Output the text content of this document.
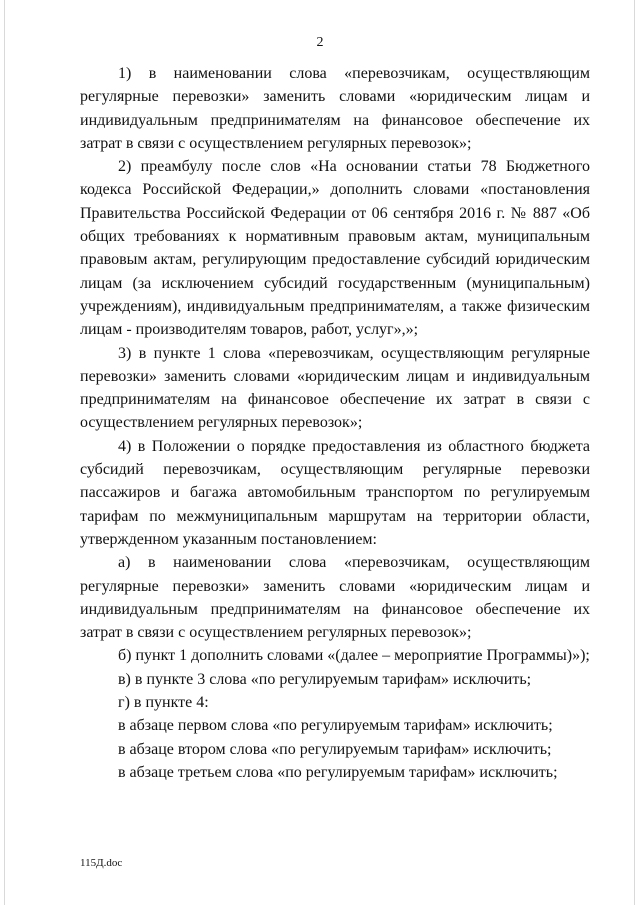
2

1) в наименовании слова «перевозчикам, осуществляющим регулярные перевозки» заменить словами «юридическим лицам и индивидуальным предпринимателям на финансовое обеспечение их затрат в связи с осуществлением регулярных перевозок»;

2) преамбулу после слов «На основании статьи 78 Бюджетного кодекса Российской Федерации,» дополнить словами «постановления Правительства Российской Федерации от 06 сентября 2016 г. № 887 «Об общих требованиях к нормативным правовым актам, муниципальным правовым актам, регулирующим предоставление субсидий юридическим лицам (за исключением субсидий государственным (муниципальным) учреждениям), индивидуальным предпринимателям, а также физическим лицам - производителям товаров, работ, услуг»,»;

3) в пункте 1 слова «перевозчикам, осуществляющим регулярные перевозки» заменить словами «юридическим лицам и индивидуальным предпринимателям на финансовое обеспечение их затрат в связи с осуществлением регулярных перевозок»;

4) в Положении о порядке предоставления из областного бюджета субсидий перевозчикам, осуществляющим регулярные перевозки пассажиров и багажа автомобильным транспортом по регулируемым тарифам по межмуниципальным маршрутам на территории области, утвержденном указанным постановлением:

а) в наименовании слова «перевозчикам, осуществляющим регулярные перевозки» заменить словами «юридическим лицам и индивидуальным предпринимателям на финансовое обеспечение их затрат в связи с осуществлением регулярных перевозок»;

б) пункт 1 дополнить словами «(далее – мероприятие Программы)»);

в) в пункте 3 слова «по регулируемым тарифам» исключить;

г) в пункте 4:

в абзаце первом слова «по регулируемым тарифам» исключить;

в абзаце втором слова «по регулируемым тарифам» исключить;

в абзаце третьем слова «по регулируемым тарифам» исключить;

115Д.doc
